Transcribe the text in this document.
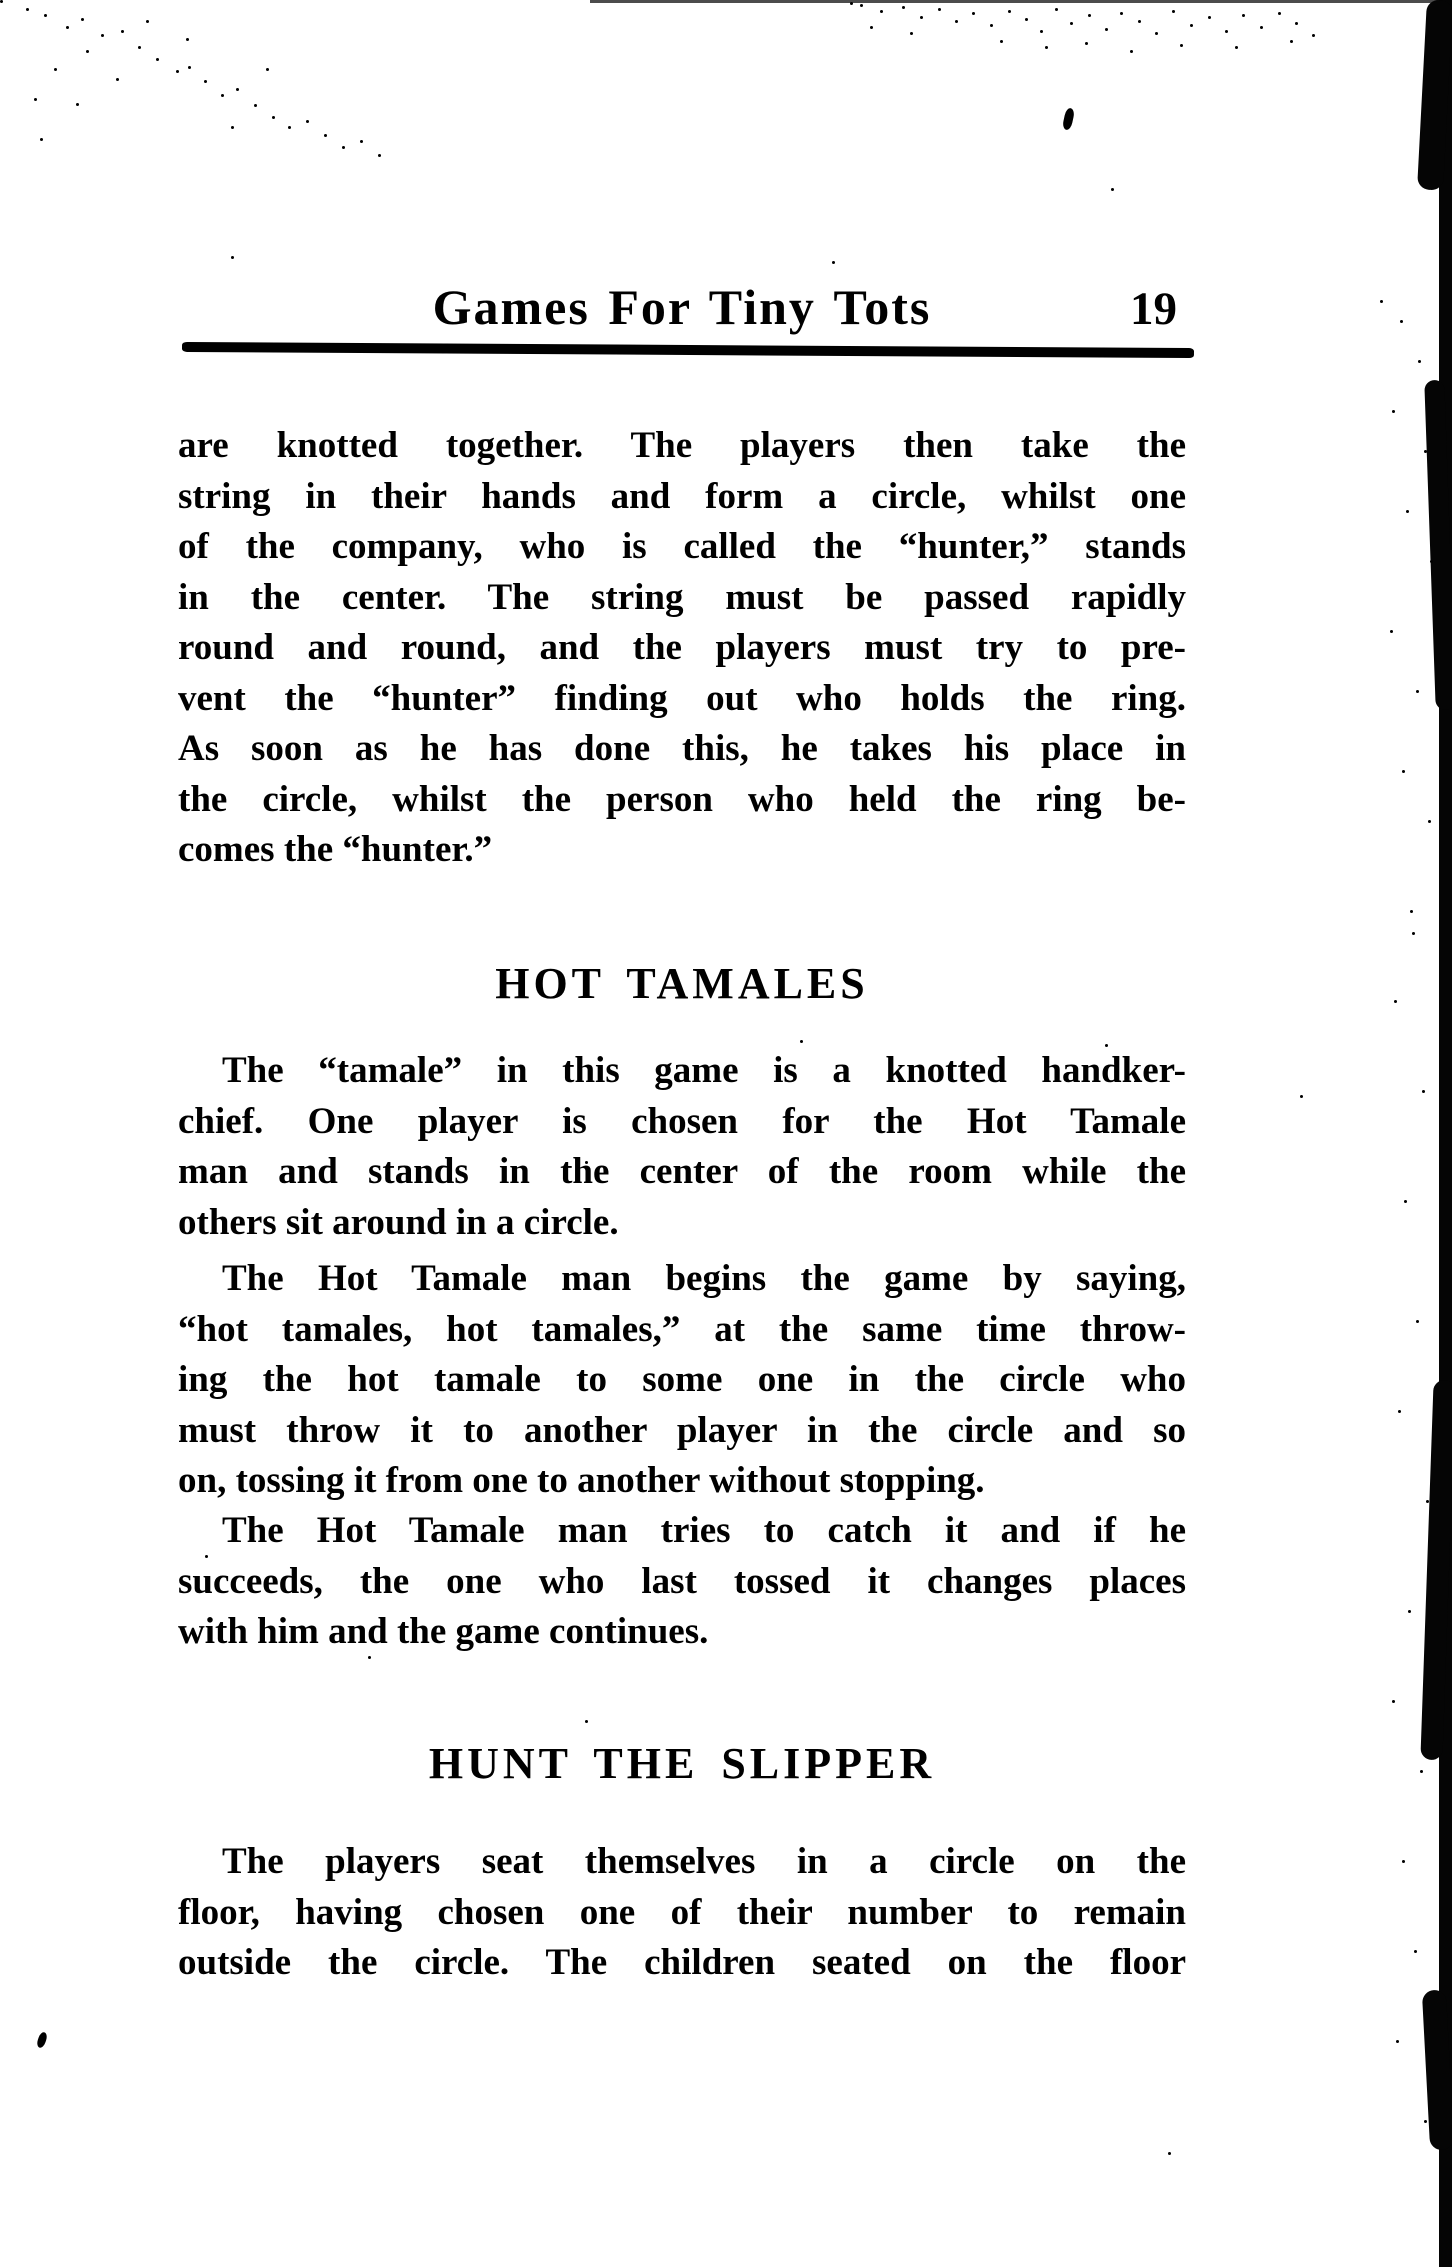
Games For Tiny Tots	19
are knotted together. The players then take the
string in their hands and form a circle, whilst one
of the company, who is called the “hunter,” stands
in the center. The string must be passed rapidly
round and round, and the players must try to pre-
vent the “hunter” finding out who holds the ring.
As soon as he has done this, he takes his place in
the circle, whilst the person who held the ring be-
comes the “hunter.”
HOT TAMALES
The “tamale” in this game is a knotted handker-
chief. One player is chosen for the Hot Tamale
man and stands in the center of the room while the
others sit around in a circle.
The Hot Tamale man begins the game by saying,
“hot tamales, hot tamales,” at the same time throw-
ing the hot tamale to some one in the circle who
must throw it to another player in the circle and so
on, tossing it from one to another without stopping.
The Hot Tamale man tries to catch it and if he
succeeds, the one who last tossed it changes places
with him and the game continues.
HUNT THE SLIPPER
The players seat themselves in a circle on the
floor, having chosen one of their number to remain
outside the circle. The children seated on the floor
